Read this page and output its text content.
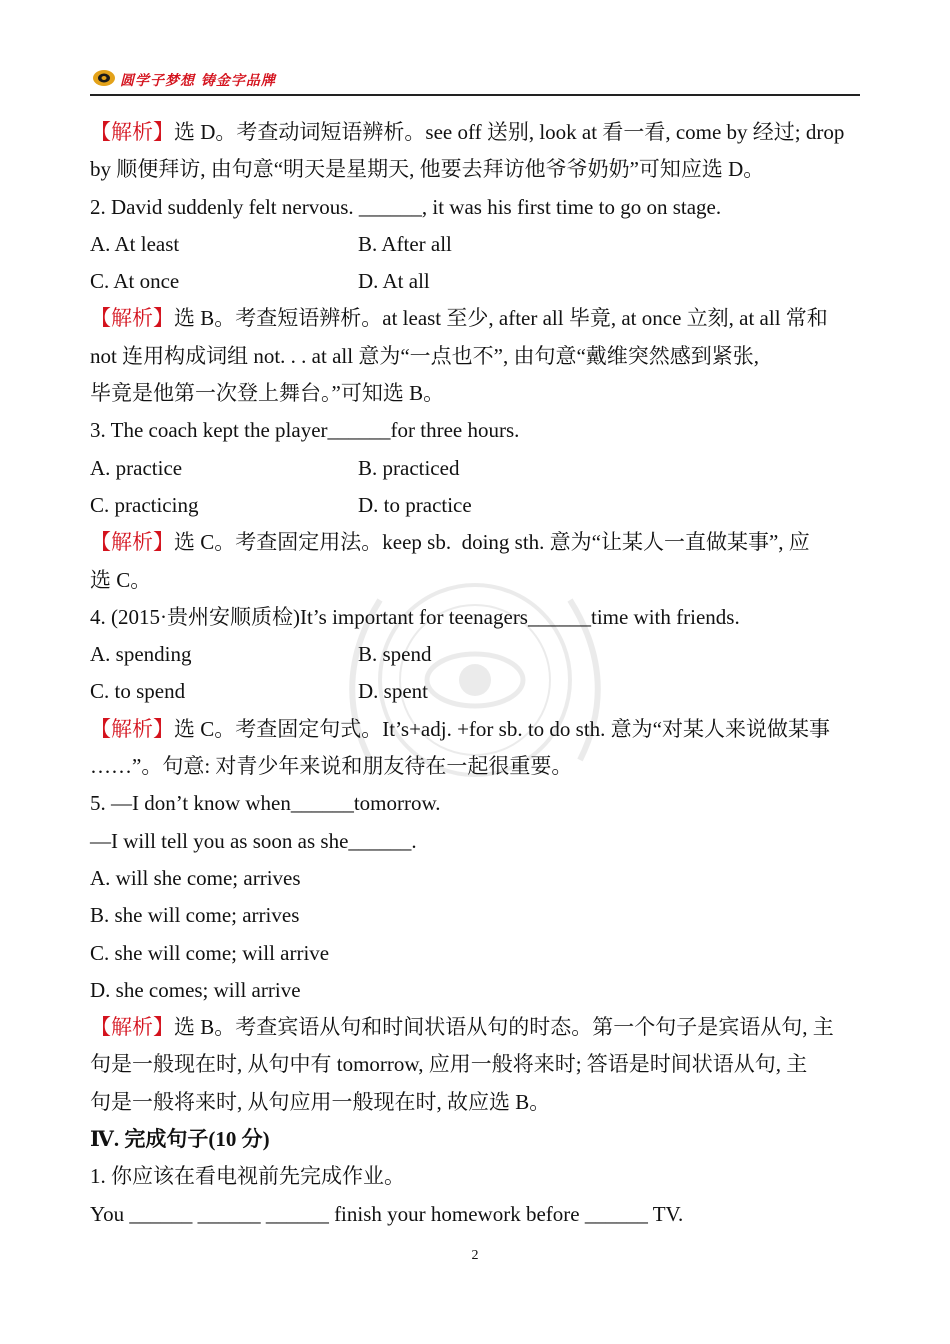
圆学子梦想 铸金字品牌
【解析】选 D。考查动词短语辨析。see off 送别, look at 看一看, come by 经过; drop
by 顺便拜访, 由句意“明天是星期天, 他要去拜访他爷爷奶奶”可知应选 D。
2. David suddenly felt nervous. ______, it was his first time to go on stage.
A. At least	B. After all
C. At once	D. At all
【解析】选 B。考查短语辨析。at least 至少, after all 毕竟, at once 立刻, at all 常和
not 连用构成词组 not. . . at all 意为“一点也不”, 由句意“戴维突然感到紧张,
毕竟是他第一次登上舞台。”可知选 B。
3. The coach kept the player______for three hours.
A. practice	B. practiced
C. practicing	D. to practice
【解析】选 C。考查固定用法。keep sb.  doing sth. 意为“让某人一直做某事”, 应
选 C。
4. (2015·贵州安顺质检)It’s important for teenagers______time with friends.
A. spending	B. spend
C. to spend	D. spent
【解析】选 C。考查固定句式。It’s+adj. +for sb. to do sth. 意为“对某人来说做某事
……”。句意: 对青少年来说和朋友待在一起很重要。
5. —I don’t know when______tomorrow.
—I will tell you as soon as she______.
A. will she come; arrives
B. she will come; arrives
C. she will come; will arrive
D. she comes; will arrive
【解析】选 B。考查宾语从句和时间状语从句的时态。第一个句子是宾语从句, 主
句是一般现在时, 从句中有 tomorrow, 应用一般将来时; 答语是时间状语从句, 主
句是一般将来时, 从句应用一般现在时, 故应选 B。
Ⅳ. 完成句子(10 分)
1. 你应该在看电视前先完成作业。
You ______ ______ ______ finish your homework before ______ TV.
2
